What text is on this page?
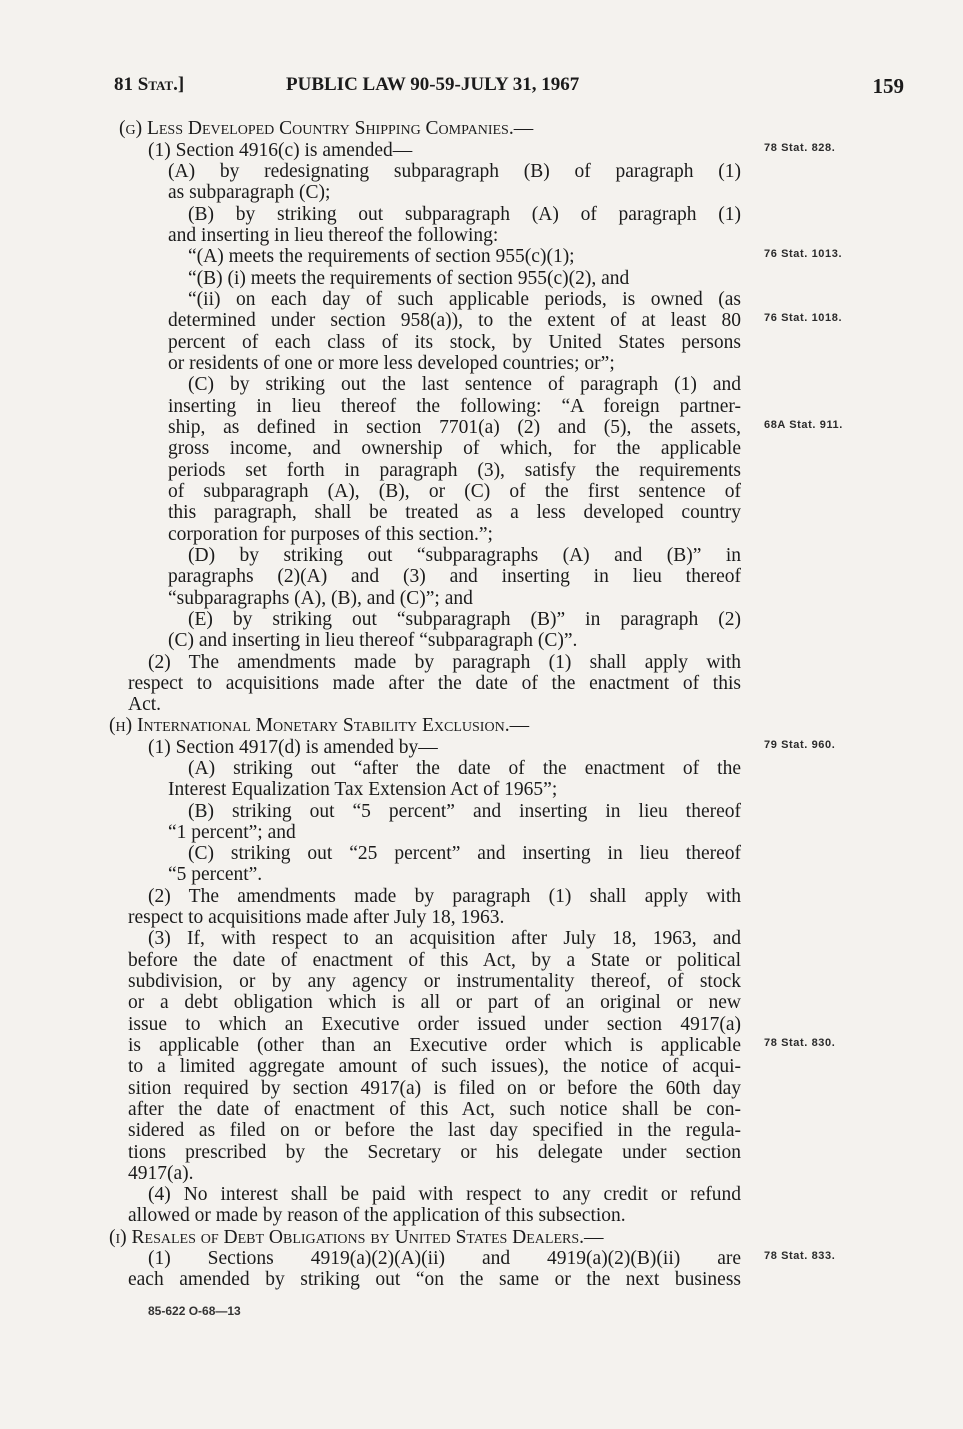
81 Stat.]	PUBLIC LAW 90-59-JULY 31, 1967	159
(g) Less Developed Country Shipping Companies.—
(1) Section 4916(c) is amended—
(A) by redesignating subparagraph (B) of paragraph (1)
as subparagraph (C);
(B) by striking out subparagraph (A) of paragraph (1)
and inserting in lieu thereof the following:
“(A) meets the requirements of section 955(c)(1);
“(B) (i) meets the requirements of section 955(c)(2), and
“(ii) on each day of such applicable periods, is owned (as
determined under section 958(a)), to the extent of at least 80
percent of each class of its stock, by United States persons
or residents of one or more less developed countries; or”;
(C) by striking out the last sentence of paragraph (1) and
inserting in lieu thereof the following: “A foreign partner-
ship, as defined in section 7701(a) (2) and (5), the assets,
gross income, and ownership of which, for the applicable
periods set forth in paragraph (3), satisfy the requirements
of subparagraph (A), (B), or (C) of the first sentence of
this paragraph, shall be treated as a less developed country
corporation for purposes of this section.”;
(D) by striking out “subparagraphs (A) and (B)” in
paragraphs (2)(A) and (3) and inserting in lieu thereof
“subparagraphs (A), (B), and (C)”; and
(E) by striking out “subparagraph (B)” in paragraph (2)
(C) and inserting in lieu thereof “subparagraph (C)”.
(2) The amendments made by paragraph (1) shall apply with
respect to acquisitions made after the date of the enactment of this
Act.
(h) International Monetary Stability Exclusion.—
(1) Section 4917(d) is amended by—
(A) striking out “after the date of the enactment of the
Interest Equalization Tax Extension Act of 1965”;
(B) striking out “5 percent” and inserting in lieu thereof
“1 percent”; and
(C) striking out “25 percent” and inserting in lieu thereof
“5 percent”.
(2) The amendments made by paragraph (1) shall apply with
respect to acquisitions made after July 18, 1963.
(3) If, with respect to an acquisition after July 18, 1963, and
before the date of enactment of this Act, by a State or political
subdivision, or by any agency or instrumentality thereof, of stock
or a debt obligation which is all or part of an original or new
issue to which an Executive order issued under section 4917(a)
is applicable (other than an Executive order which is applicable
to a limited aggregate amount of such issues), the notice of acqui-
sition required by section 4917(a) is filed on or before the 60th day
after the date of enactment of this Act, such notice shall be con-
sidered as filed on or before the last day specified in the regula-
tions prescribed by the Secretary or his delegate under section
4917(a).
(4) No interest shall be paid with respect to any credit or refund
allowed or made by reason of the application of this subsection.
(i) Resales of Debt Obligations by United States Dealers.—
(1) Sections 4919(a)(2)(A)(ii) and 4919(a)(2)(B)(ii) are
each amended by striking out “on the same or the next business
78 Stat. 828.
76 Stat. 1013.
76 Stat. 1018.
68A Stat. 911.
79 Stat. 960.
78 Stat. 830.
78 Stat. 833.
85-622 O-68—13
